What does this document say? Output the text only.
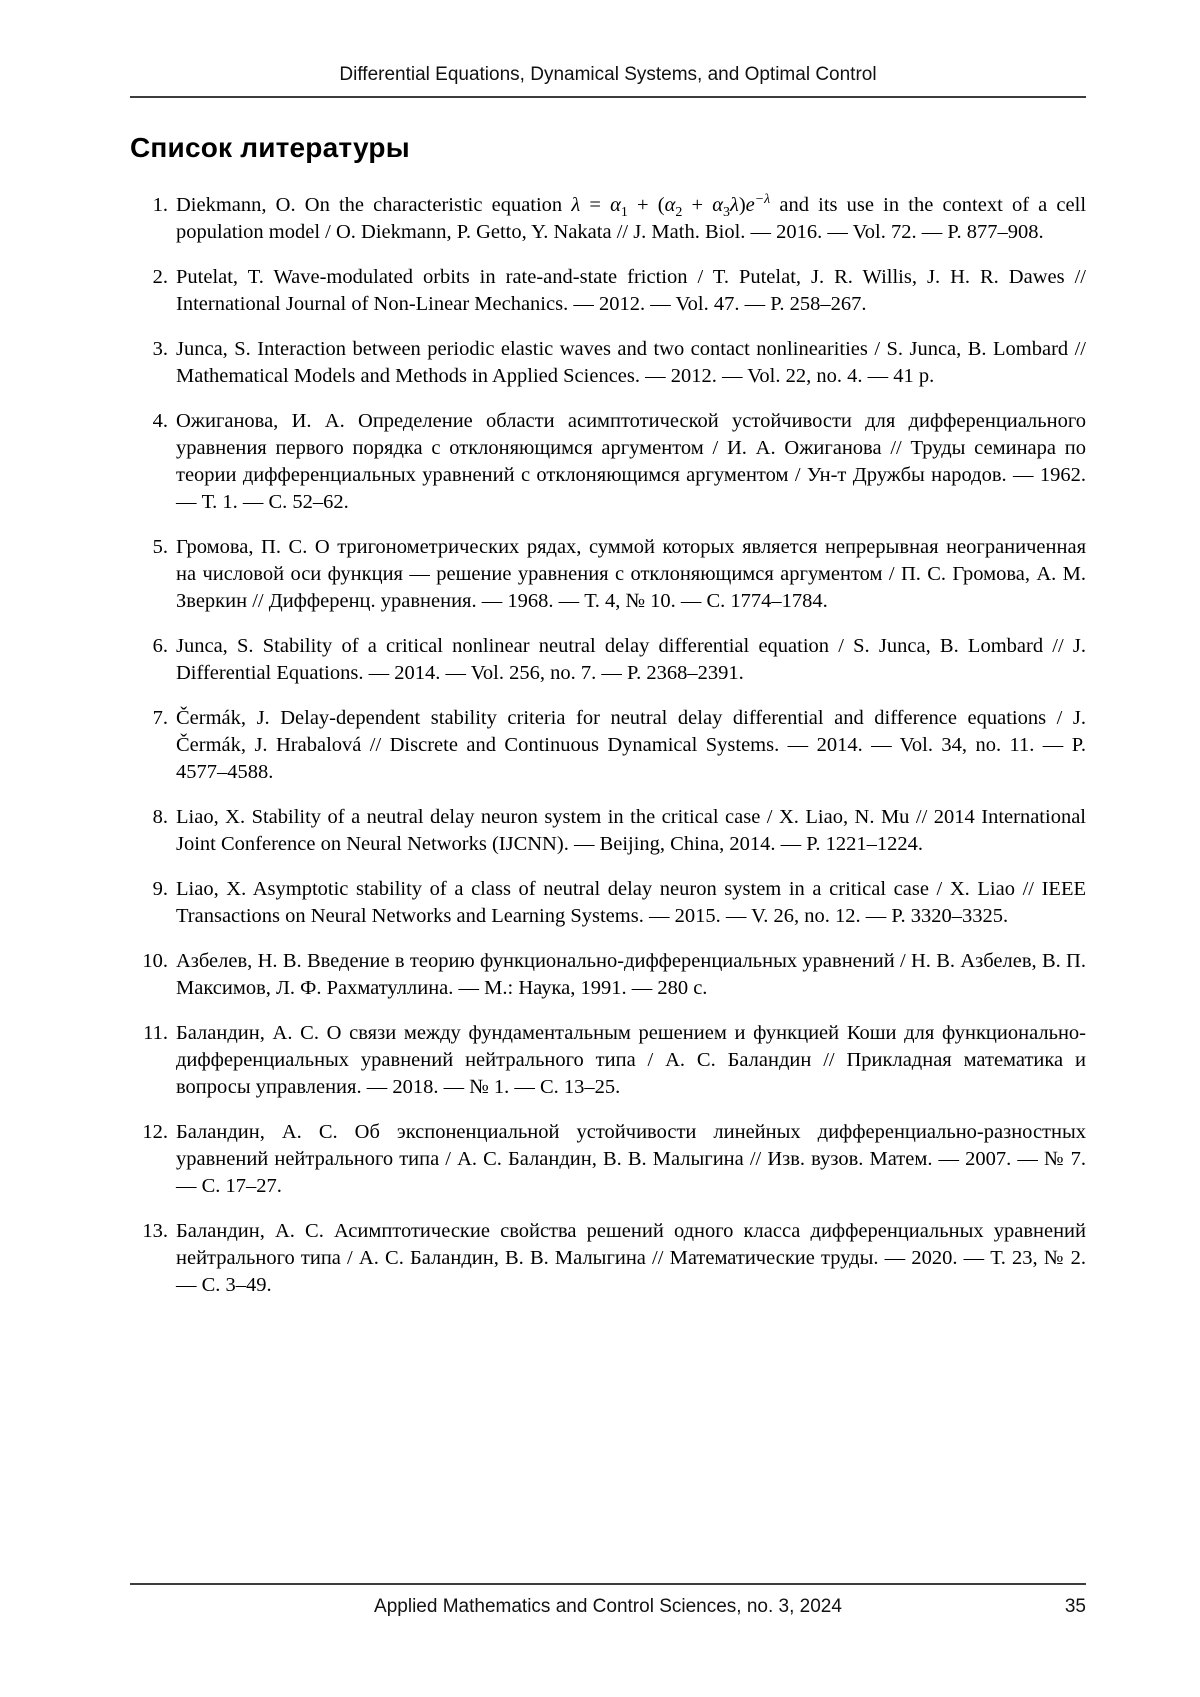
Differential Equations, Dynamical Systems, and Optimal Control
Список литературы
1. Diekmann, O. On the characteristic equation $\lambda = \alpha_1 + (\alpha_2 + \alpha_3\lambda)e^{-\lambda}$ and its use in the context of a cell population model / O. Diekmann, P. Getto, Y. Nakata // J. Math. Biol. — 2016. — Vol. 72. — P. 877–908.
2. Putelat, T. Wave-modulated orbits in rate-and-state friction / T. Putelat, J. R. Willis, J. H. R. Dawes // International Journal of Non-Linear Mechanics. — 2012. — Vol. 47. — P. 258–267.
3. Junca, S. Interaction between periodic elastic waves and two contact nonlinearities / S. Junca, B. Lombard // Mathematical Models and Methods in Applied Sciences. — 2012. — Vol. 22, no. 4. — 41 p.
4. Ожиганова, И. А. Определение области асимптотической устойчивости для дифференциального уравнения первого порядка с отклоняющимся аргументом / И. А. Ожиганова // Труды семинара по теории дифференциальных уравнений с отклоняющимся аргументом / Ун-т Дружбы народов. –– 1962. — Т. 1. — С. 52–62.
5. Громова, П. С. О тригонометрических рядах, суммой которых является непрерывная неограниченная на числовой оси функция — решение уравнения с отклоняющимся аргументом / П. С. Громова, А. М. Зверкин // Дифференц. уравнения. — 1968. –– Т. 4, № 10. — С. 1774–1784.
6. Junca, S. Stability of a critical nonlinear neutral delay differential equation / S. Junca, B. Lombard // J. Differential Equations. — 2014. –– Vol. 256, no. 7. — P. 2368–2391.
7. Čermák, J. Delay-dependent stability criteria for neutral delay differential and difference equations / J. Čermák, J. Hrabalová // Discrete and Continuous Dynamical Systems. — 2014. — Vol. 34, no. 11. — P. 4577–4588.
8. Liao, X. Stability of a neutral delay neuron system in the critical case / X. Liao, N. Mu // 2014 International Joint Conference on Neural Networks (IJCNN). — Beijing, China, 2014. — P. 1221–1224.
9. Liao, X. Asymptotic stability of a class of neutral delay neuron system in a critical case / X. Liao // IEEE Transactions on Neural Networks and Learning Systems. –– 2015. — V. 26, no. 12. — P. 3320–3325.
10. Азбелев, Н. В. Введение в теорию функционально-дифференциальных уравнений / Н. В. Азбелев, В. П. Максимов, Л. Ф. Рахматуллина. –– М.: Наука, 1991. — 280 с.
11. Баландин, А. С. О связи между фундаментальным решением и функцией Коши для функционально-дифференциальных уравнений нейтрального типа / А. С. Баландин // Прикладная математика и вопросы управления. — 2018. — № 1. — С. 13–25.
12. Баландин, А. С. Об экспоненциальной устойчивости линейных дифференциально-разностных уравнений нейтрального типа / А. С. Баландин, В. В. Малыгина // Изв. вузов. Матем. — 2007. — № 7. — С. 17–27.
13. Баландин, А. С. Асимптотические свойства решений одного класса дифференциальных уравнений нейтрального типа / А. С. Баландин, В. В. Малыгина // Математические труды. –– 2020. — Т. 23, № 2. — С. 3–49.
Applied Mathematics and Control Sciences, no. 3, 2024	35
